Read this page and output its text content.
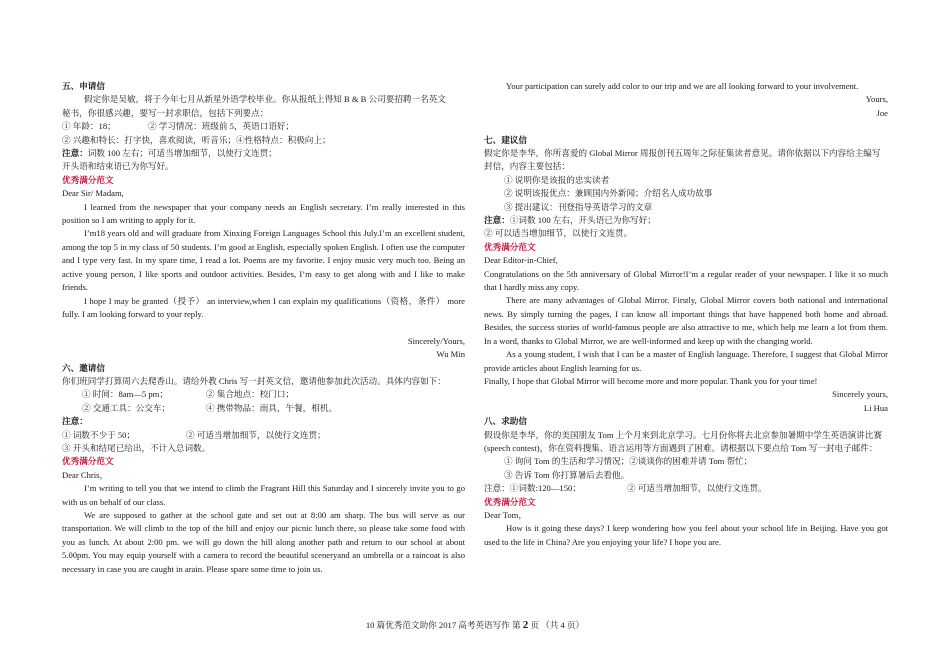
五、申请信

假定你是吴敏，将于今年七月从新星外语学校毕业。你从报纸上得知 B & B 公司要招聘一名英文

秘书，你很感兴趣，要写一封求职信，包括下列要点：

① 年龄：18；	② 学习情况：班级前 5，英语口语好；

② 兴趣和特长：打字快，喜欢阅读，听音乐；④性格特点：积极向上；

注意：词数 100 左右；可适当增加细节，以使行文连贯；

开头语和结束语已为你写好。

优秀满分范文

Dear Sir/ Madam,

I learned from the newspaper that your company needs an English secretary. I’m really interested in this position so I am writing to apply for it.

I’m18 years old and will graduate from Xinxing Foreign Languages School this July.I’m an excellent student, among the top 5 in my class of 50 students. I’m good at English, especially spoken English. I often use the computer and I type very fast. In my spare time, I read a lot. Poems are my favorite. I enjoy music very much too. Being an active young person, I like sports and outdoor activities. Besides, I’m easy to get along with and I like to make friends.

I hope I may be granted（授予） an interview,when I can explain my qualifications（资格，条件） more fully. I am looking forward to your reply.

Sincerely/Yours,

Wu Min

六、邀请信

你们班同学打算周六去爬香山。请给外教 Chris 写一封英文信，邀请他参加此次活动。具体内容如下：

① 时间：8am—5 pm；	② 集合地点：校门口；

② 交通工具：公交车；	④ 携带物品：雨具，午餐，相机。

注意：

① 词数不少于 50；	② 可适当增加细节，以使行文连贯；

③ 开头和结尾已给出，不计入总词数。

优秀满分范文

Dear Chris，

I’m writing to tell you that we intend to climb the Fragrant Hill this Saturday and I sincerely invite you to go with us on behalf of our class.

We are supposed to gather at the school gate and set out at 8:00 am sharp. The bus will serve as our transportation. We will climb to the top of the hill and enjoy our picnic lunch there, so please take some food with you as lunch. At about 2:00 pm. we will go down the hill along another path and return to our school at about 5.00pm. You may equip yourself with a camera to record the beautiful sceneryand an umbrella or a raincoat is also necessary in case you are caught in arain. Please spare some time to join us.

Your participation can surely add color to our trip and we are all looking forward to your involvement.

Yours,

Joe

七、建议信

假定你是李华，你所喜爱的 Global Mirror 周报创刊五周年之际征集读者意见。请你依据以下内容给主编写封信，内容主要包括：

① 说明你是该报的忠实读者

② 说明该报优点：兼顾国内外新闻；介绍名人成功故事

③ 提出建议：刊登指导英语学习的文章

注意：①词数 100 左右，开头语已为你写好；

② 可以适当增加细节，以使行文连贯。

优秀满分范文

Dear Editor-in-Chief,

Congratulations on the 5th anniversary of Global Mirror!I’m a regular reader of your newspaper. I like it so much that I hardly miss any copy.

There are many advantages of Global Mirror. Firstly, Global Mirror covers both national and international news. By simply turning the pages, I can know all important things that have happened both home and abroad. Besides, the success stories of world-famous people are also attractive to me, which help me learn a lot from them. In a word, thanks to Global Mirror, we are well-informed and keep up with the changing world.

As a young student, I wish that I can be a master of English language. Therefore, I suggest that Global Mirror provide articles about English learning for us.

Finally, I hope that Global Mirror will become more and more popular. Thank you for your time!

Sincerely yours,

Li Hua

八、求助信

假设你是李华，你的美国朋友 Tom 上个月来到北京学习。七月份你将去北京参加暑期中学生英语演讲比赛 (speech contest)，你在资料搜集、语言运用等方面遇到了困难。请根据以下要点给 Tom 写一封电子邮件：

① 询问 Tom 的生活和学习情况；②谈谈你的困难并请 Tom 帮忙；

③ 告诉 Tom 你打算暑后去看他。

注意：①词数:120—150；	② 可适当增加细节，以使行文连贯。

优秀满分范文

Dear Tom，

How is it going these days? I keep wondering how you feel about your school life in Beijing. Have you got used to the life in China? Are you enjoying your life? I hope you are.

10 篇优秀范文助你 2017 高考英语写作 第 2 页 （共 4 页）
